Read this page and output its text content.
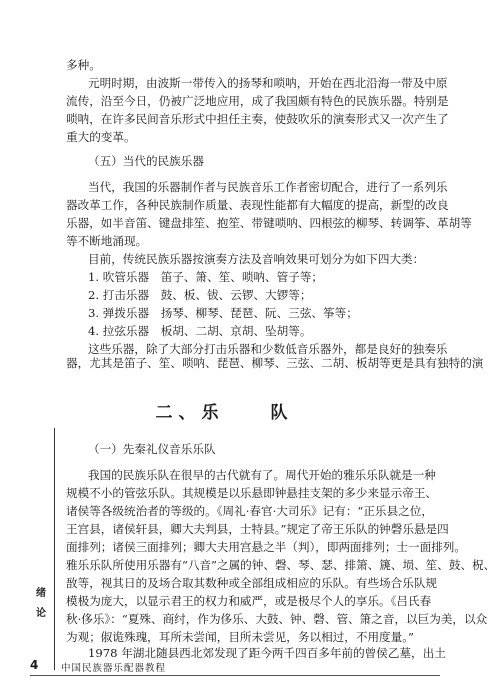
多种。
元明时期，由波斯一带传入的扬琴和唢呐，开始在西北沿海一带及中原
流传，沿至今日，仍被广泛地应用，成了我国颇有特色的民族乐器。特别是
唢呐，在许多民间音乐形式中担任主奏，使鼓吹乐的演奏形式又一次产生了
重大的变革。
（五）当代的民族乐器
当代，我国的乐器制作者与民族音乐工作者密切配合，进行了一系列乐
器改革工作，各种民族制作质量、表现性能都有大幅度的提高，新型的改良
乐器，如半音笛、键盘排笙、抱笙、带键唢呐、四根弦的柳琴、转调筝、革胡等
等不断地涌现。
目前，传统民族乐器按演奏方法及音响效果可划分为如下四大类：
1. 吹管乐器　笛子、箫、笙、唢呐、管子等；
2. 打击乐器　鼓、板、钹、云锣、大锣等；
3. 弹拨乐器　扬琴、柳琴、琵琶、阮、三弦、筝等；
4. 拉弦乐器　板胡、二胡、京胡、坠胡等。
这些乐器，除了大部分打击乐器和少数低音乐器外，都是良好的独奏乐
器，尤其是笛子、笙、唢呐、琵琶、柳琴、三弦、二胡、板胡等更是具有独特的演
二、乐　　队
（一）先秦礼仪音乐乐队
我国的民族乐队在很早的古代就有了。周代开始的雅乐乐队就是一种
规模不小的管弦乐队。其规模是以乐悬即钟悬挂支架的多少来显示帝王、
诸侯等各级统治者的等级的。《周礼·春官·大司乐》记有：“正乐县之位，
王宫县，诸侯轩县，卿大夫判县，士特县。”规定了帝王乐队的钟磬乐悬是四
面排列；诸侯三面排列；卿大夫用宫悬之半（判），即两面排列；士一面排列。
雅乐乐队所使用乐器有“八音”之属的钟、磬、琴、瑟、排箫、篪、埙、笙、鼓、柷、
敔等，视其日的及场合取其数种或全部组成相应的乐队。有些场合乐队规
模极为庞大，以显示君王的权力和威严，或是极尽个人的享乐。《吕氏春
秋·侈乐》：“夏殊、商纣，作为侈乐、大鼓、钟、磬、管、箫之音，以巨为美，以众
为观；俶诡殊瑰，耳所未尝闻，目所未尝见，务以相过，不用度量。”
1978 年湖北随县西北郊发现了距今两千四百多年前的曾侯乙墓，出土
绪
论
4 中国民族器乐配器教程
